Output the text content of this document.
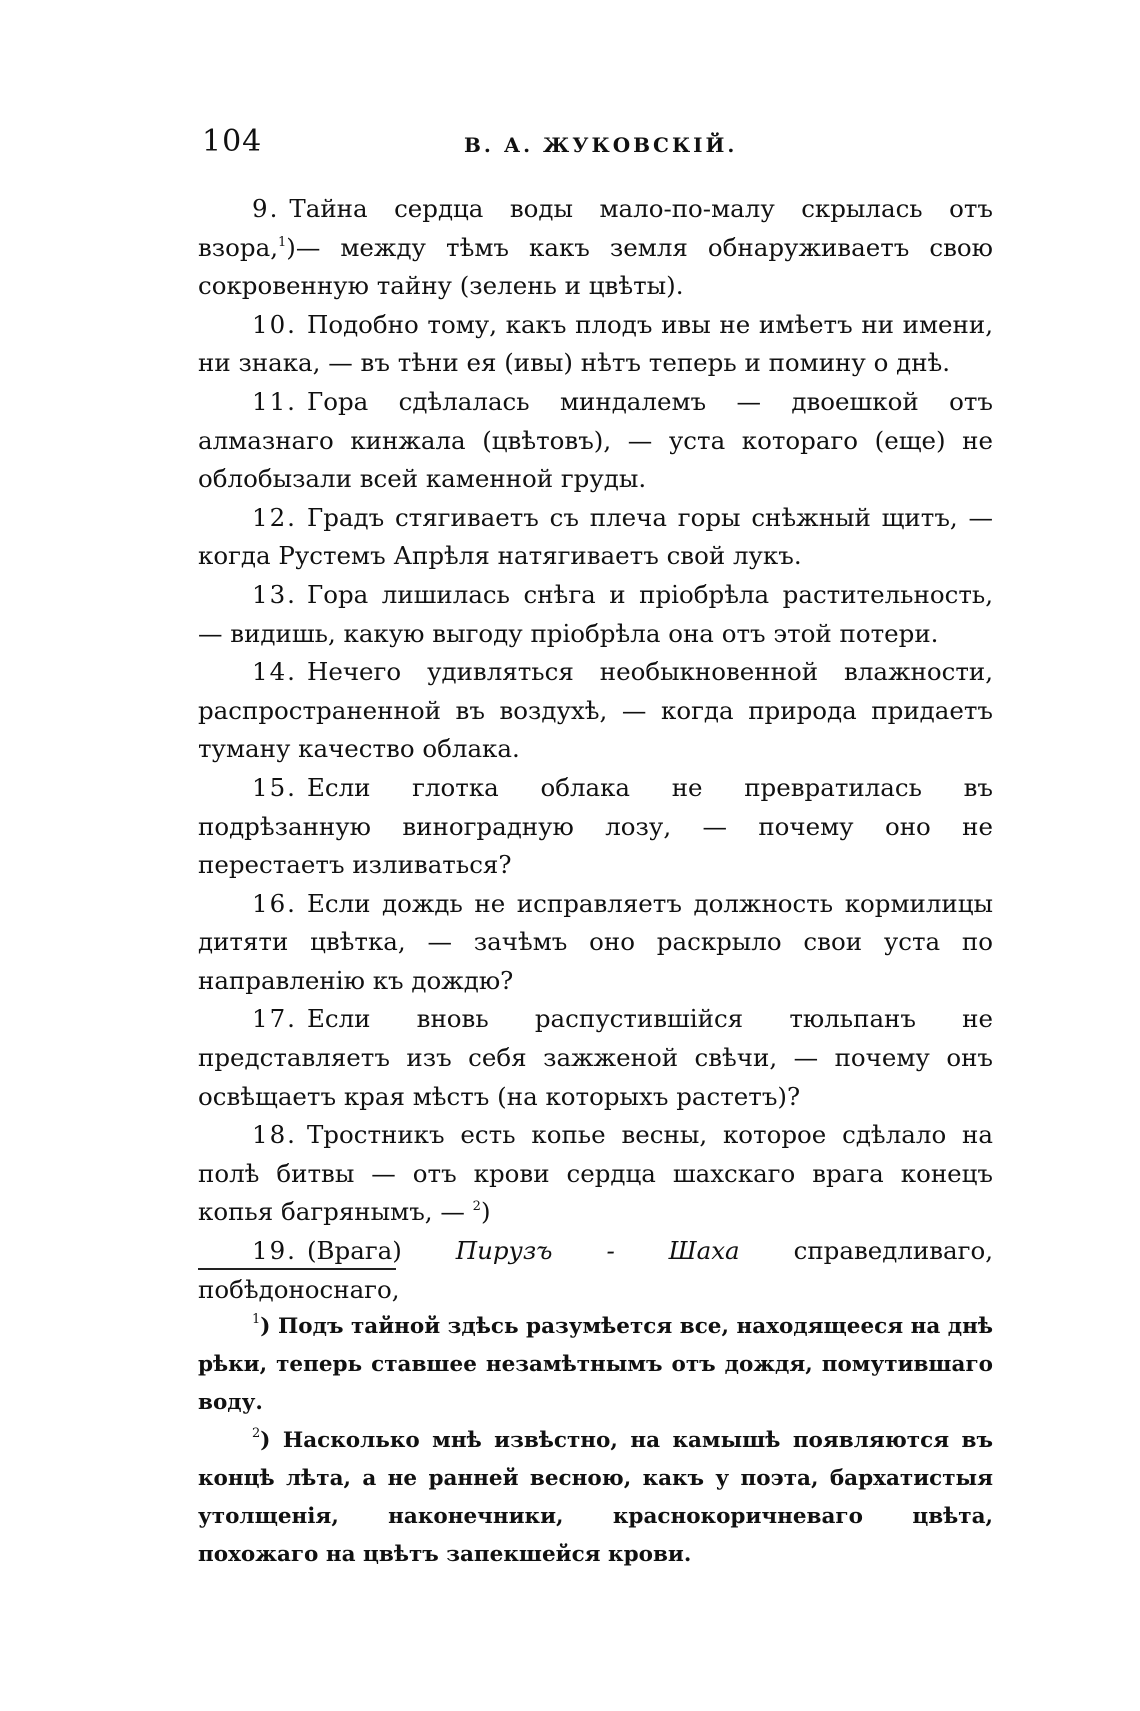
104	В. А. ЖУКОВСКІЙ.

9. Тайна сердца воды мало-по-малу скрылась отъ взора,$^1$)— между тѣмъ какъ земля обнаруживаетъ свою сокровенную тайну (зелень и цвѣты).

10. Подобно тому, какъ плодъ ивы не имѣетъ ни имени, ни знака, — въ тѣни ея (ивы) нѣтъ теперь и помину о днѣ.

11. Гора сдѣлалась миндалемъ — двоешкой отъ алмазнаго кинжала (цвѣтовъ), — уста котораго (еще) не облобызали всей каменной груды.

12. Градъ стягиваетъ съ плеча горы снѣжный щитъ, — когда Рустемъ Апрѣля натягиваетъ свой лукъ.

13. Гора лишилась снѣга и пріобрѣла растительность, — видишь, какую выгоду пріобрѣла она отъ этой потери.

14. Нечего удивляться необыкновенной влажности, распространенной въ воздухѣ, — когда природа придаетъ туману качество облака.

15. Если глотка облака не превратилась въ подрѣзанную виноградную лозу, — почему оно не перестаетъ изливаться?

16. Если дождь не исправляетъ должность кормилицы дитяти цвѣтка, — зачѣмъ оно раскрыло свои уста по направленію къ дождю?

17. Если вновь распустившійся тюльпанъ не представляетъ изъ себя зажженой свѣчи, — почему онъ освѣщаетъ края мѣстъ (на которыхъ растетъ)?

18. Тростникъ есть копье весны, которое сдѣлало на полѣ битвы — отъ крови сердца шахскаго врага конецъ копья багрянымъ, — $^2$)

19. (Врага) Пирузъ - Шаха справедливаго, побѣдоноснаго,

$^1$) Подъ тайной здѣсь разумѣется все, находящееся на днѣ рѣки, теперь ставшее незамѣтнымъ отъ дождя, помутившаго воду.

$^2$) Насколько мнѣ извѣстно, на камышѣ появляются въ концѣ лѣта, а не ранней весною, какъ у поэта, бархатистыя утолщенія, наконечники, краснокоричневаго цвѣта, похожаго на цвѣтъ запекшейся крови.
